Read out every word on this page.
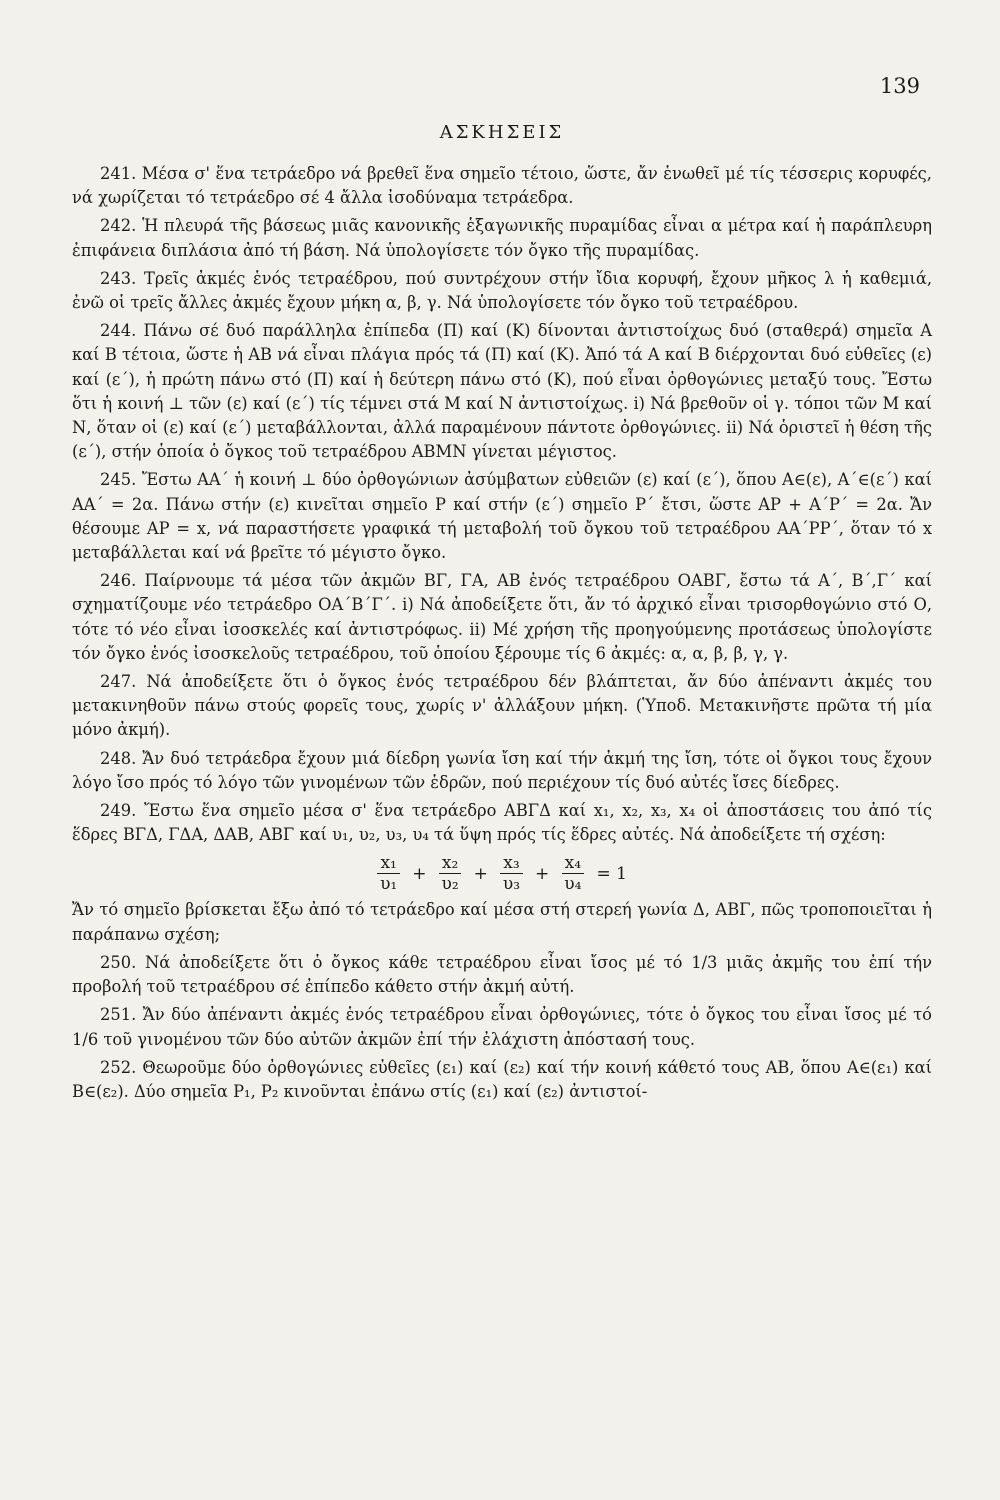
139
ΑΣΚΗΣΕΙΣ

241. Μέσα σ' ἕνα τετράεδρο νά βρεθεῖ ἕνα σημεῖο τέτοιο, ὥστε, ἄν ἑνωθεῖ μέ τίς τέσσερις κορυφές, νά χωρίζεται τό τετράεδρο σέ 4 ἄλλα ἰσοδύναμα τετράεδρα.

242. Ἡ πλευρά τῆς βάσεως μιᾶς κανονικῆς ἑξαγωνικῆς πυραμίδας εἶναι α μέτρα καί ἡ παράπλευρη ἐπιφάνεια διπλάσια ἀπό τή βάση. Νά ὑπολογίσετε τόν ὄγκο τῆς πυραμίδας.

243. Τρεῖς ἀκμές ἑνός τετραέδρου, πού συντρέχουν στήν ἴδια κορυφή, ἔχουν μῆκος λ ἡ καθεμιά, ἐνῶ οἱ τρεῖς ἄλλες ἀκμές ἔχουν μήκη α, β, γ. Νά ὑπολογίσετε τόν ὄγκο τοῦ τετραέδρου.

244. Πάνω σέ δυό παράλληλα ἐπίπεδα (Π) καί (Κ) δίνονται ἀντιστοίχως δυό (σταθερά) σημεῖα Α καί Β τέτοια, ὥστε ἡ ΑΒ νά εἶναι πλάγια πρός τά (Π) καί (Κ). Ἀπό τά Α καί Β διέρχονται δυό εὐθεῖες (ε) καί (ε΄), ἡ πρώτη πάνω στό (Π) καί ἡ δεύτερη πάνω στό (Κ), πού εἶναι ὀρθογώνιες μεταξύ τους. Ἔστω ὅτι ἡ κοινή ⊥ τῶν (ε) καί (ε΄) τίς τέμνει στά Μ καί Ν ἀντιστοίχως. i) Νά βρεθοῦν οἱ γ. τόποι τῶν Μ καί Ν, ὅταν οἱ (ε) καί (ε΄) μεταβάλλονται, ἀλλά παραμένουν πάντοτε ὀρθογώνιες. ii) Νά ὁριστεῖ ἡ θέση τῆς (ε΄), στήν ὁποία ὁ ὄγκος τοῦ τετραέδρου ΑΒΜΝ γίνεται μέγιστος.

245. Ἔστω ΑΑ΄ ἡ κοινή ⊥ δύο ὀρθογώνιων ἀσύμβατων εὐθειῶν (ε) καί (ε΄), ὅπου Α∈(ε), Α΄∈(ε΄) καί ΑΑ΄ = 2α. Πάνω στήν (ε) κινεῖται σημεῖο Ρ καί στήν (ε΄) σημεῖο Ρ΄ ἔτσι, ὥστε ΑΡ + Α΄Ρ΄ = 2α. Ἄν θέσουμε ΑΡ = x, νά παραστήσετε γραφικά τή μεταβολή τοῦ ὄγκου τοῦ τετραέδρου ΑΑ΄ΡΡ΄, ὅταν τό x μεταβάλλεται καί νά βρεῖτε τό μέγιστο ὄγκο.

246. Παίρνουμε τά μέσα τῶν ἀκμῶν ΒΓ, ΓΑ, ΑΒ ἑνός τετραέδρου ΟΑΒΓ, ἔστω τά Α΄, Β΄,Γ΄ καί σχηματίζουμε νέο τετράεδρο ΟΑ΄Β΄Γ΄. i) Νά ἀποδείξετε ὅτι, ἄν τό ἀρχικό εἶναι τρισορθογώνιο στό Ο, τότε τό νέο εἶναι ἰσοσκελές καί ἀντιστρόφως. ii) Μέ χρήση τῆς προηγούμενης προτάσεως ὑπολογίστε τόν ὄγκο ἑνός ἰσοσκελοῦς τετραέδρου, τοῦ ὁποίου ξέρουμε τίς 6 ἀκμές: α, α, β, β, γ, γ.

247. Νά ἀποδείξετε ὅτι ὁ ὄγκος ἑνός τετραέδρου δέν βλάπτεται, ἄν δύο ἀπέναντι ἀκμές του μετακινηθοῦν πάνω στούς φορεῖς τους, χωρίς ν' ἀλλάξουν μήκη. (Ὑποδ. Μετακινῆστε πρῶτα τή μία μόνο ἀκμή).

248. Ἄν δυό τετράεδρα ἔχουν μιά δίεδρη γωνία ἴση καί τήν ἀκμή της ἴση, τότε οἱ ὄγκοι τους ἔχουν λόγο ἴσο πρός τό λόγο τῶν γινομένων τῶν ἑδρῶν, πού περιέχουν τίς δυό αὐτές ἴσες δίεδρες.

249. Ἔστω ἕνα σημεῖο μέσα σ' ἕνα τετράεδρο ΑΒΓΔ καί x₁, x₂, x₃, x₄ οἱ ἀποστάσεις του ἀπό τίς ἕδρες ΒΓΔ, ΓΔΑ, ΔΑΒ, ΑΒΓ καί υ₁, υ₂, υ₃, υ₄ τά ὕψη πρός τίς ἕδρες αὐτές. Νά ἀποδείξετε τή σχέση:

$\frac{\text{x₁}}{\text{υ₁}} + \frac{\text{x₂}}{\text{υ₂}} + \frac{\text{x₃}}{\text{υ₃}} + \frac{\text{x₄}}{\text{υ₄}} = 1$

Ἄν τό σημεῖο βρίσκεται ἔξω ἀπό τό τετράεδρο καί μέσα στή στερεή γωνία Δ, ΑΒΓ, πῶς τροποποιεῖται ἡ παράπανω σχέση;

250. Νά ἀποδείξετε ὅτι ὁ ὄγκος κάθε τετραέδρου εἶναι ἴσος μέ τό 1/3 μιᾶς ἀκμῆς του ἐπί τήν προβολή τοῦ τετραέδρου σέ ἐπίπεδο κάθετο στήν ἀκμή αὐτή.

251. Ἄν δύο ἀπέναντι ἀκμές ἑνός τετραέδρου εἶναι ὀρθογώνιες, τότε ὁ ὄγκος του εἶναι ἴσος μέ τό 1/6 τοῦ γινομένου τῶν δύο αὐτῶν ἀκμῶν ἐπί τήν ἐλάχιστη ἀπόστασή τους.

252. Θεωροῦμε δύο ὀρθογώνιες εὐθεῖες (ε₁) καί (ε₂) καί τήν κοινή κάθετό τους ΑΒ, ὅπου Α∈(ε₁) καί Β∈(ε₂). Δύο σημεῖα Ρ₁, Ρ₂ κινοῦνται ἐπάνω στίς (ε₁) καί (ε₂) ἀντιστοί-
